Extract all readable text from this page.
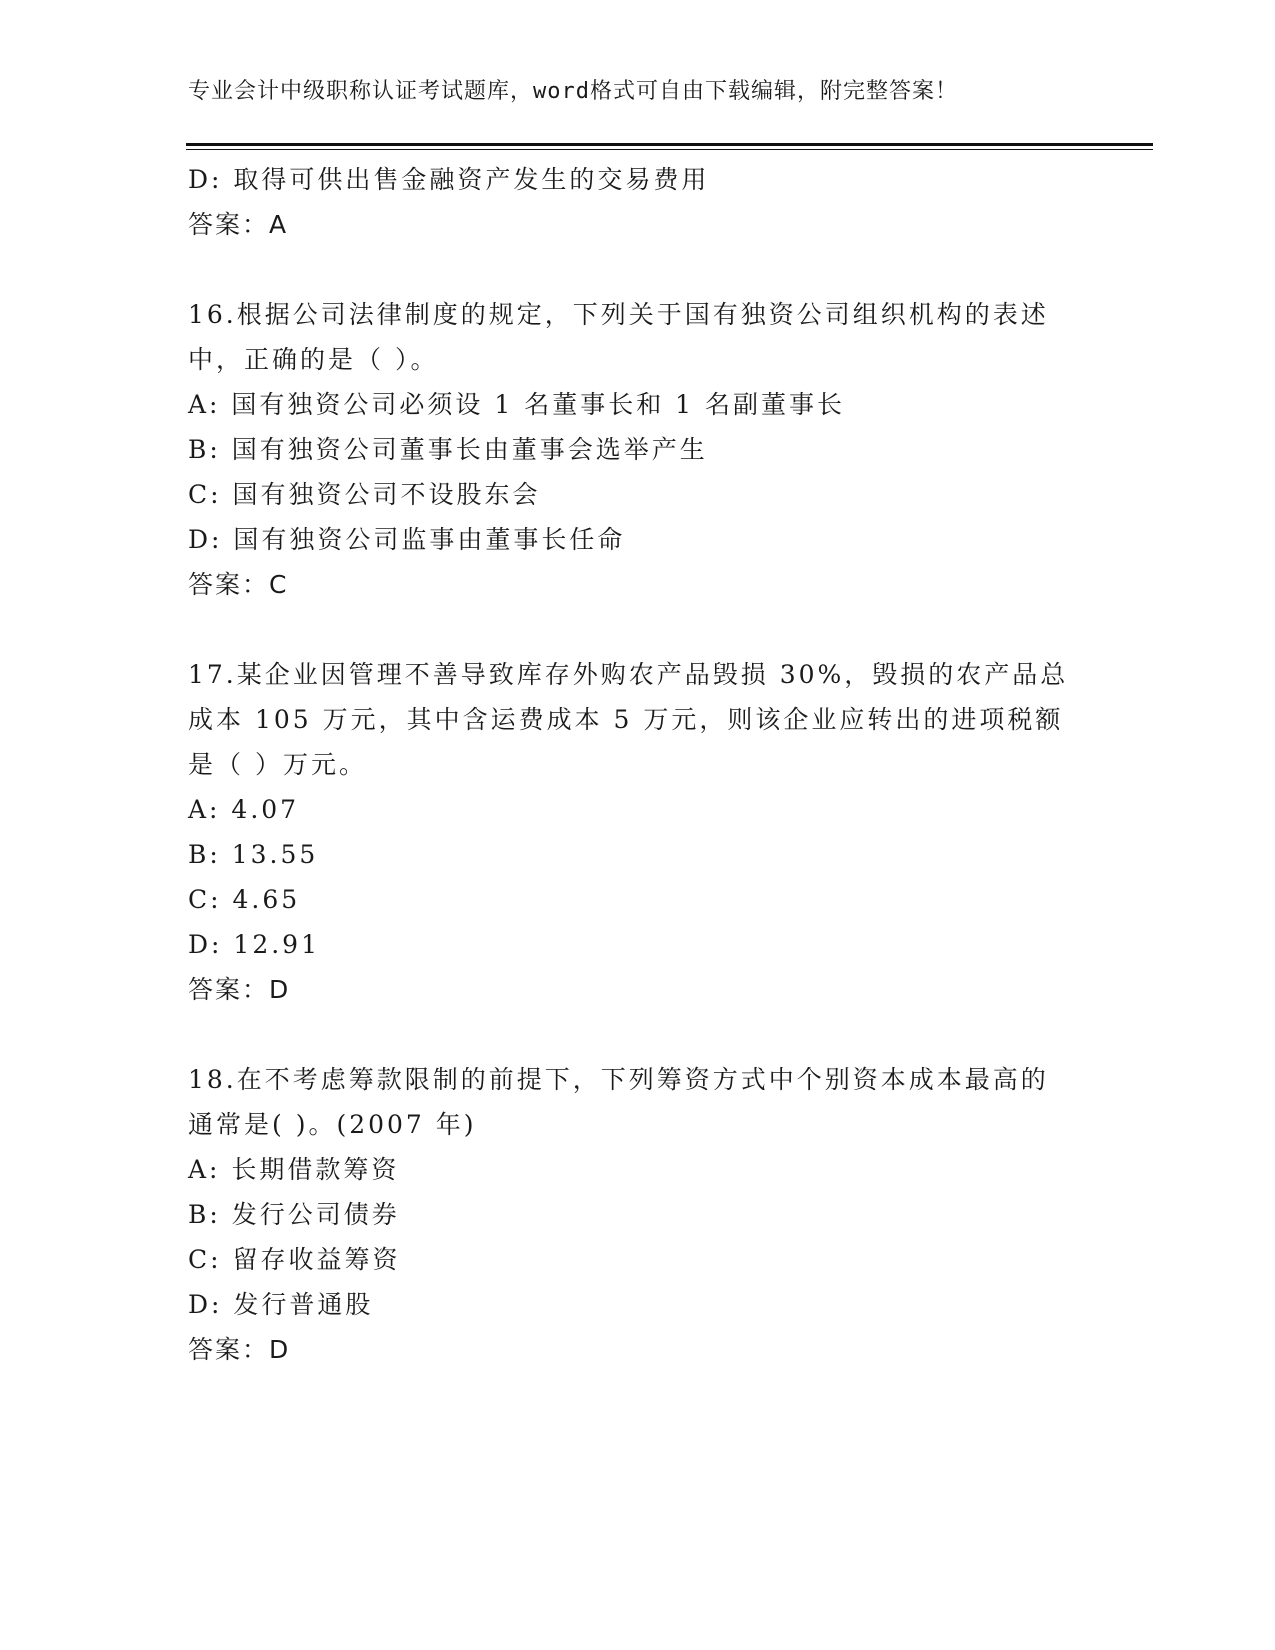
专业会计中级职称认证考试题库，word格式可自由下载编辑，附完整答案！
D: 取得可供出售金融资产发生的交易费用
答案：A
16.根据公司法律制度的规定，下列关于国有独资公司组织机构的表述
中，正确的是（ ）。
A: 国有独资公司必须设 1 名董事长和 1 名副董事长
B: 国有独资公司董事长由董事会选举产生
C: 国有独资公司不设股东会
D: 国有独资公司监事由董事长任命
答案：C
17.某企业因管理不善导致库存外购农产品毁损 30%，毁损的农产品总
成本 105 万元，其中含运费成本 5 万元，则该企业应转出的进项税额
是（ ）万元。
A: 4.07
B: 13.55
C: 4.65
D: 12.91
答案：D
18.在不考虑筹款限制的前提下，下列筹资方式中个别资本成本最高的
通常是( )。(2007 年)
A: 长期借款筹资
B: 发行公司债券
C: 留存收益筹资
D: 发行普通股
答案：D
